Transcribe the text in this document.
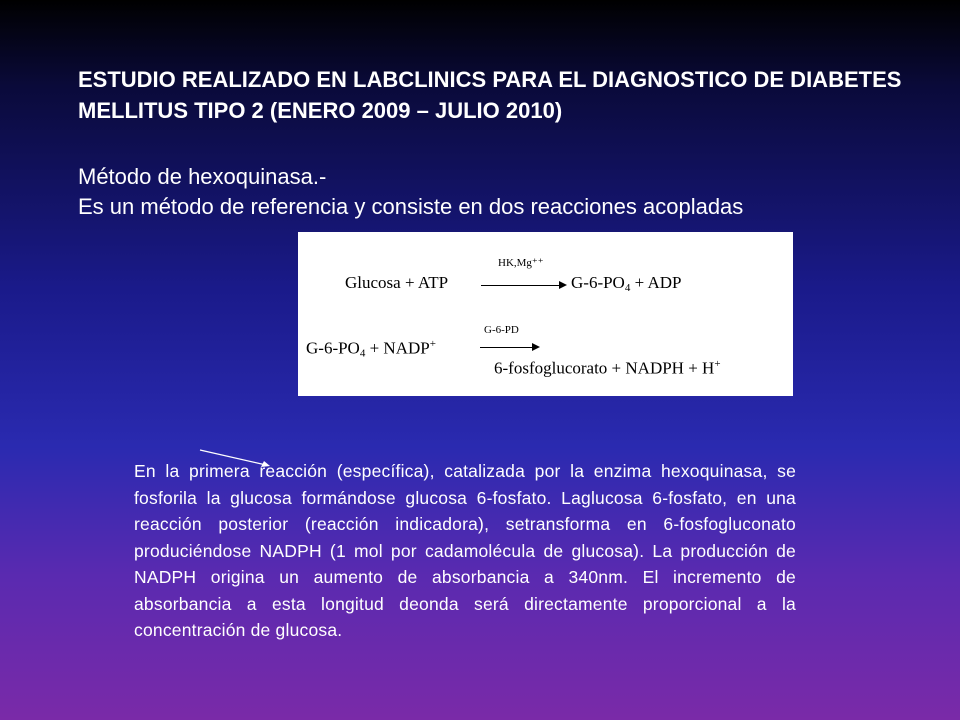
ESTUDIO REALIZADO EN LABCLINICS PARA EL DIAGNOSTICO DE DIABETES MELLITUS TIPO 2 (ENERO 2009 – JULIO 2010)

Método de hexoquinasa.-

Es un método de referencia y consiste en dos reacciones acopladas

HK,Mg⁺⁺
Glucosa + ATP	$G-6-PO_4$ + ADP
G-6-PD
$G-6-PO_4$ + NADP+
6-fosfoglucorato + NADPH + H+

En la primera reacción (específica), catalizada por la enzima hexoquinasa, se fosforila la glucosa formándose glucosa 6-fosfato. Laglucosa 6-fosfato, en una reacción posterior (reacción indicadora), setransforma en 6-fosfogluconato produciéndose NADPH (1 mol por cadamolécula de glucosa). La producción de NADPH origina un aumento de absorbancia a 340nm. El incremento de absorbancia a esta longitud deonda será directamente proporcional a la concentración de glucosa.
